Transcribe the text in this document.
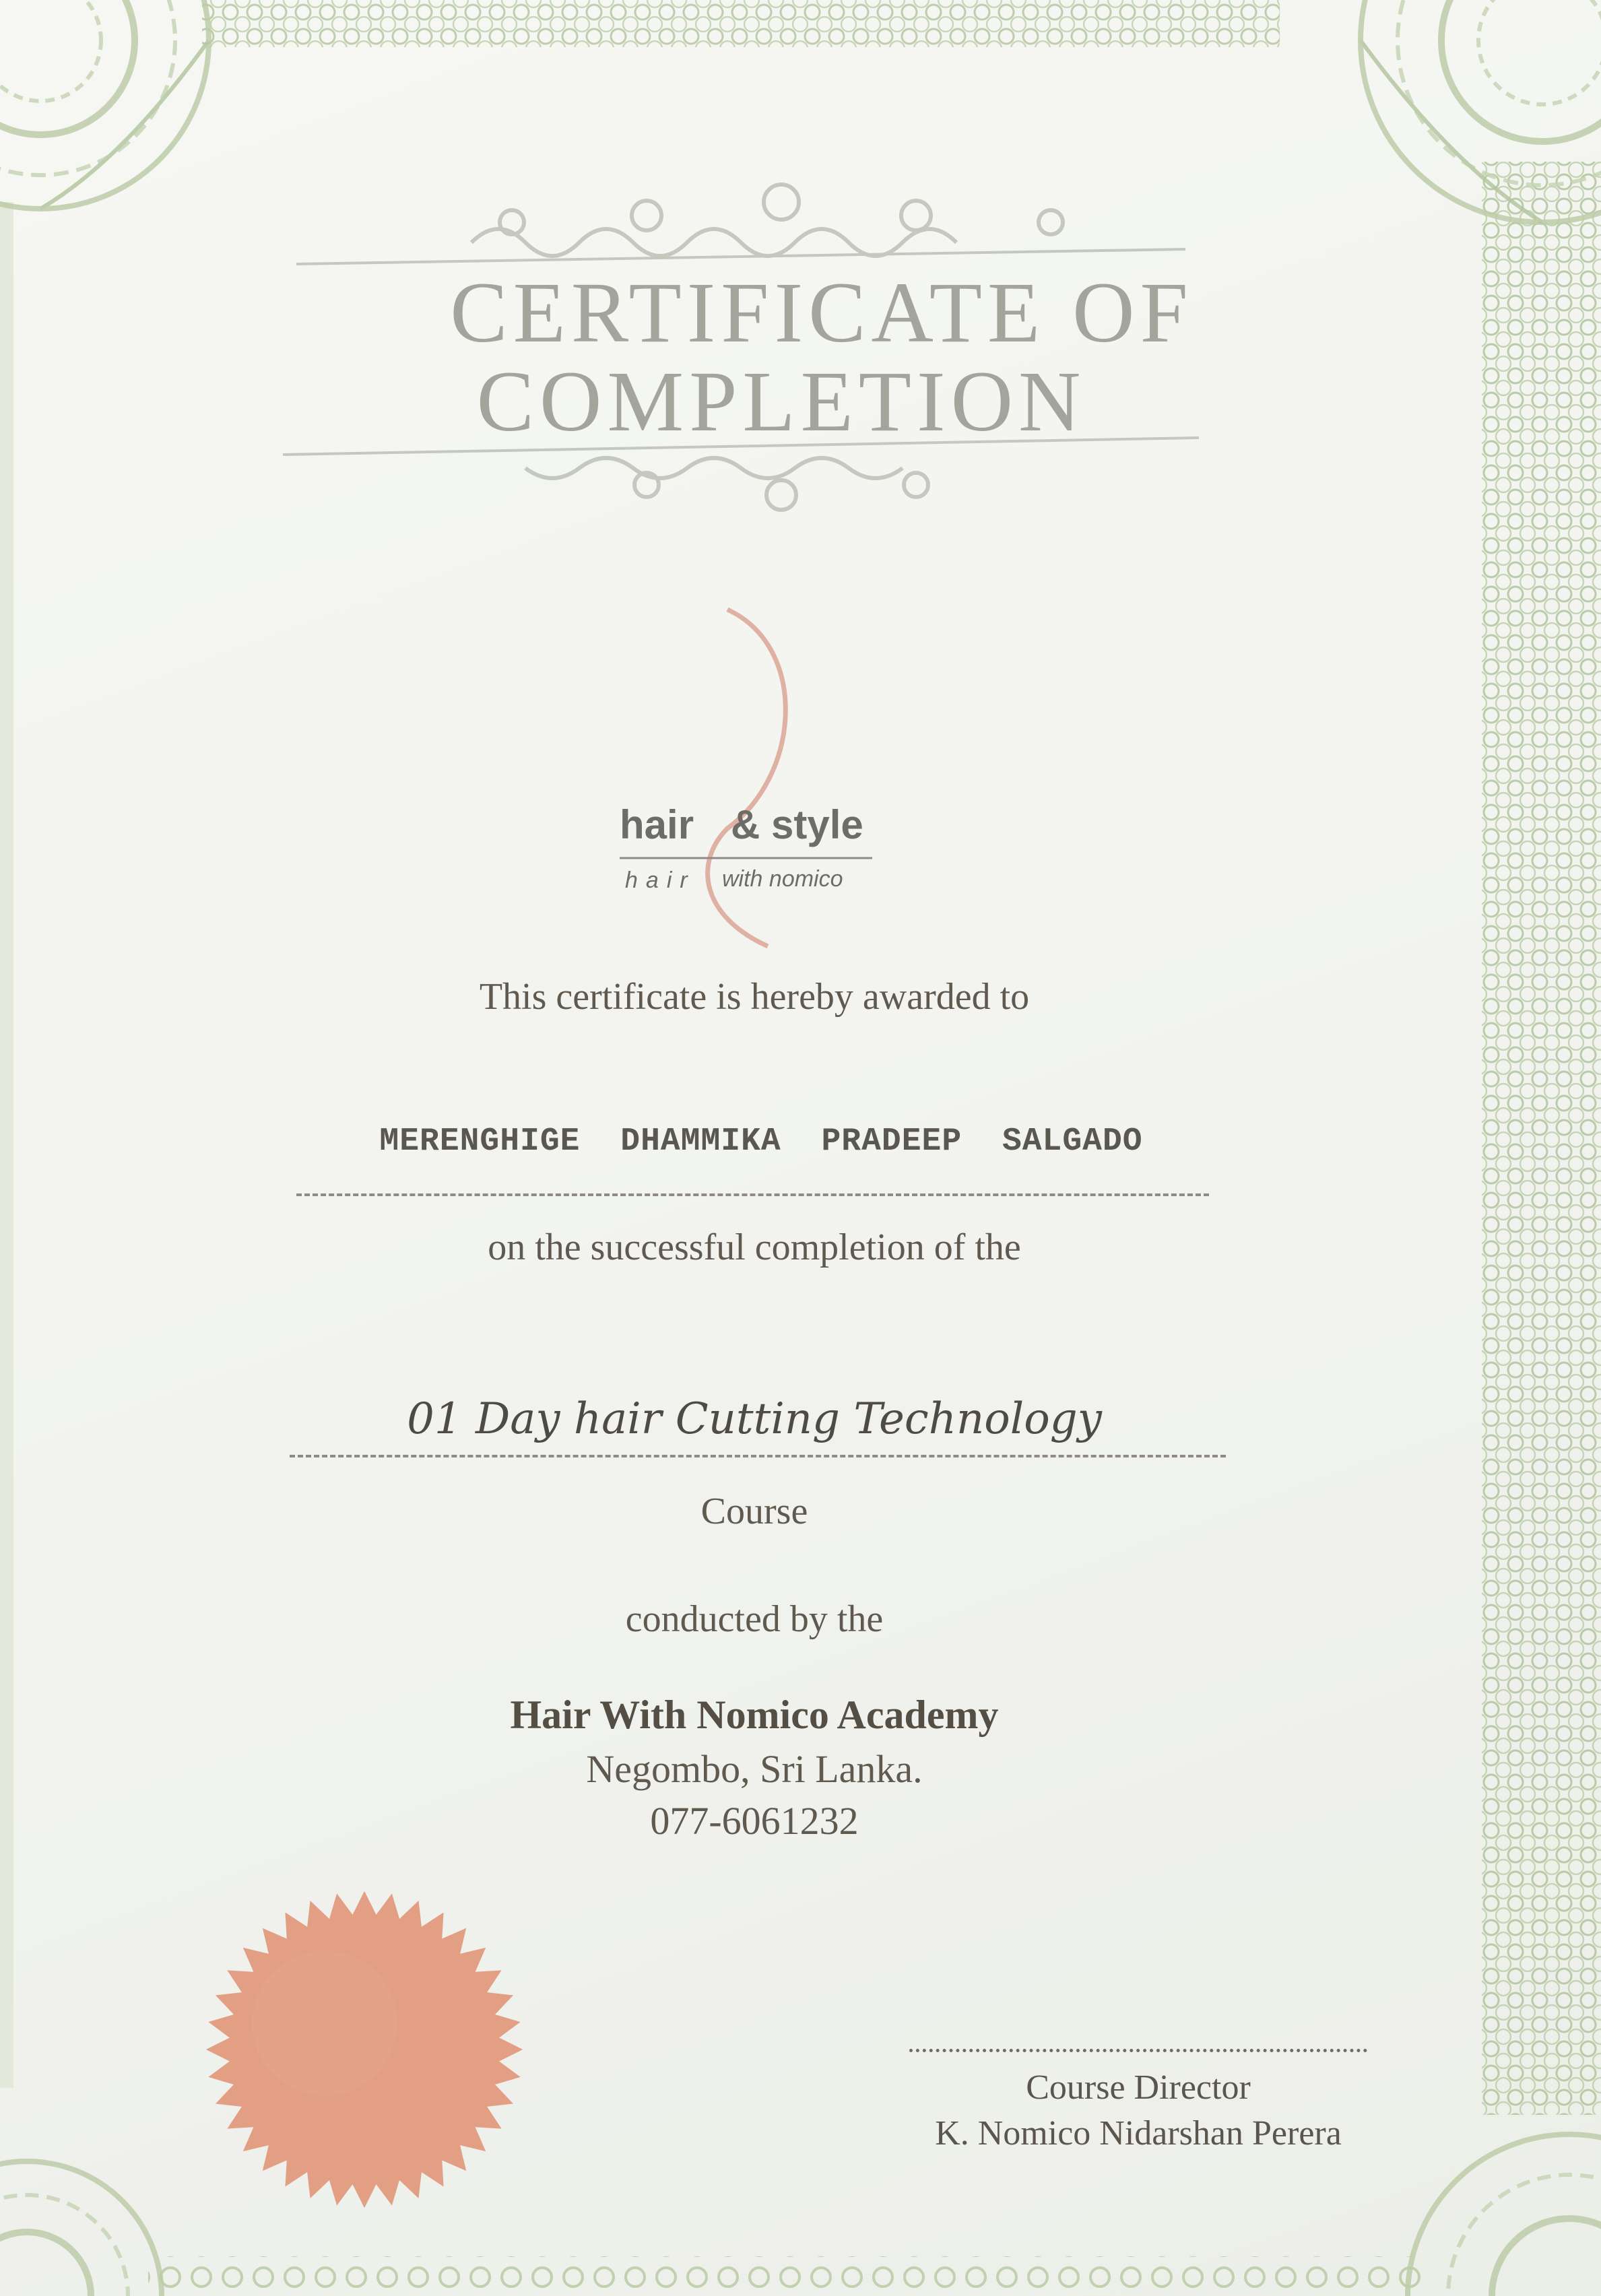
CERTIFICATE OF
COMPLETION
hair & style
hair with nomico
This certificate is hereby awarded to
MERENGHIGE DHAMMIKA PRADEEP SALGADO
on the successful completion of the
01 Day hair Cutting Technology
Course
conducted by the
Hair With Nomico Academy
Negombo, Sri Lanka.
077-6061232
Course Director
K. Nomico Nidarshan Perera
